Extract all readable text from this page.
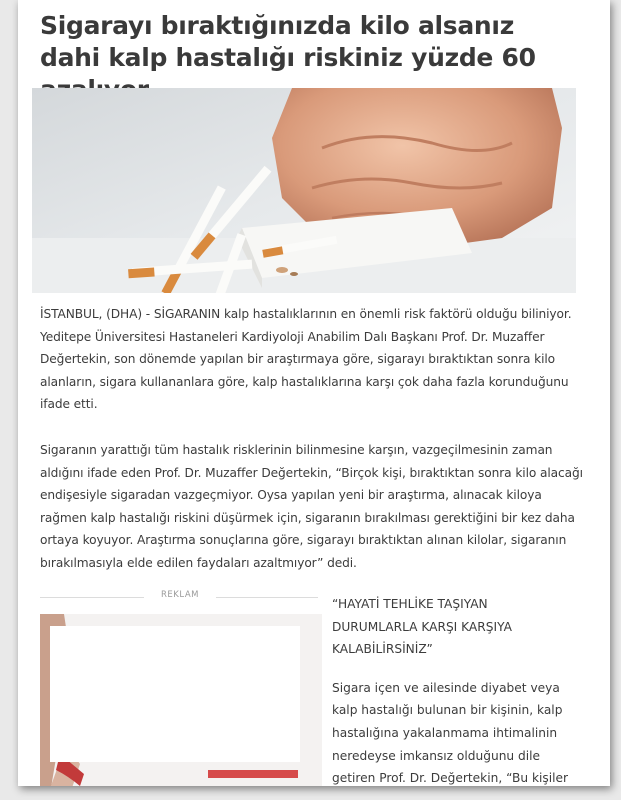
Sigarayı bıraktığınızda kilo alsanız dahi kalp hastalığı riskiniz yüzde 60

İSTANBUL, (DHA) - SİGARANIN kalp hastalıklarının en önemli risk faktörü olduğu biliniyor. Yeditepe Üniversitesi Hastaneleri Kardiyoloji Anabilim Dalı Başkanı Prof. Dr. Muzaffer Değertekin, son dönemde yapılan bir araştırmaya göre, sigarayı bıraktıktan sonra kilo alanların, sigara kullananlara göre, kalp hastalıklarına karşı çok daha fazla korunduğunu ifade etti.

Sigaranın yarattığı tüm hastalık risklerinin bilinmesine karşın, vazgeçilmesinin zaman aldığını ifade eden Prof. Dr. Muzaffer Değertekin, “Birçok kişi, bıraktıktan sonra kilo alacağı endişesiyle sigaradan vazgeçmiyor. Oysa yapılan yeni bir araştırma, alınacak kiloya rağmen kalp hastalığı riskini düşürmek için, sigaranın bırakılması gerektiğini bir kez daha ortaya koyuyor. Araştırma sonuçlarına göre, sigarayı bıraktıktan alınan kilolar, sigaranın bırakılmasıyla elde edilen faydaları azaltmıyor” dedi.

REKLAM

“HAYATİ TEHLİKE TAŞIYAN DURUMLARLA KARŞI KARŞIYA KALABİLİRSİNİZ”

Sigara içen ve ailesinde diyabet veya kalp hastalığı bulunan bir kişinin, kalp hastalığına yakalanmama ihtimalinin neredeyse imkansız olduğunu dile getiren Prof. Dr. Değertekin, “Bu kişiler
